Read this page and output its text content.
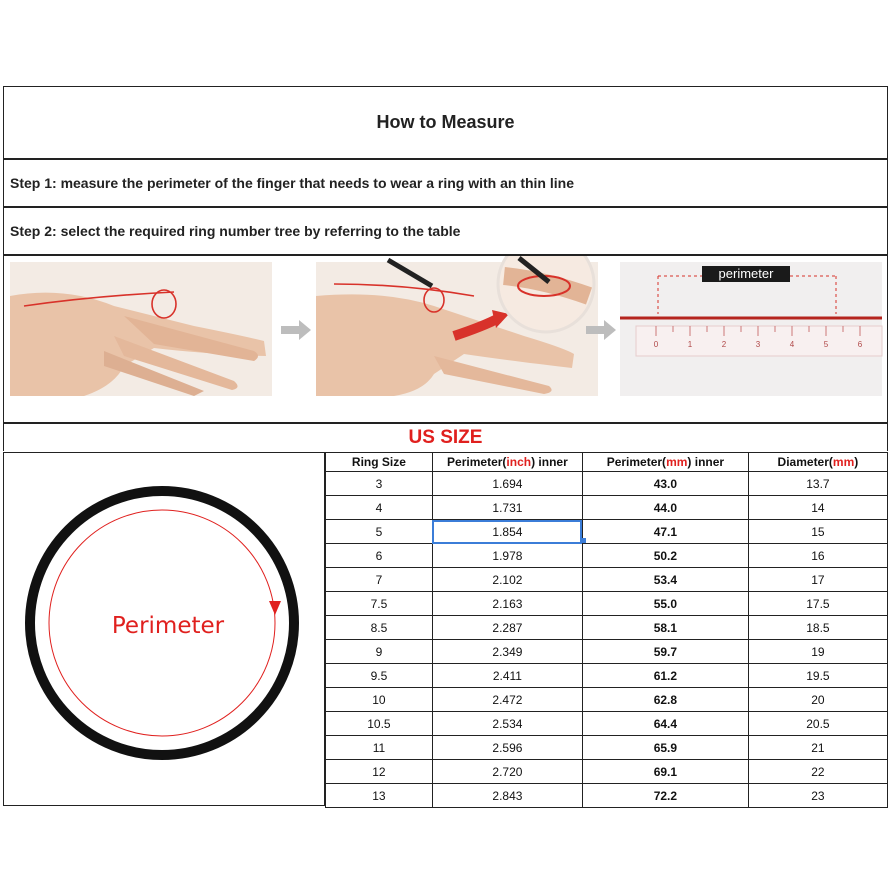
How to Measure
Step 1: measure the perimeter of the finger that needs to wear a ring with an thin line
Step 2: select the required ring number tree by referring to the table
perimeter
0	1	2	3	4	5	6
US SIZE
Perimeter
Ring Size	Perimeter(inch) inner	Perimeter(mm) inner	Diameter(mm)
3	1.694	43.0	13.7
4	1.731	44.0	14
5	1.854	47.1	15
6	1.978	50.2	16
7	2.102	53.4	17
7.5	2.163	55.0	17.5
8.5	2.287	58.1	18.5
9	2.349	59.7	19
9.5	2.411	61.2	19.5
10	2.472	62.8	20
10.5	2.534	64.4	20.5
11	2.596	65.9	21
12	2.720	69.1	22
13	2.843	72.2	23
